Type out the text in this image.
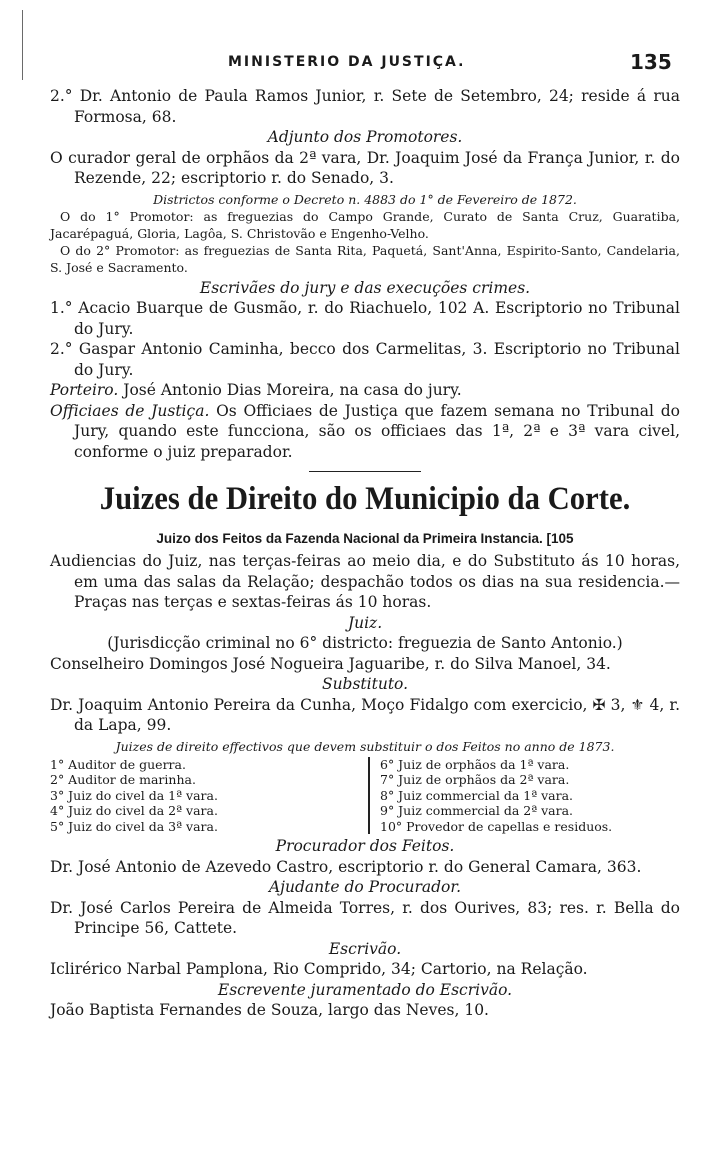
MINISTERIO DA JUSTIÇA.	135

2.° Dr. Antonio de Paula Ramos Junior, r. Sete de Setembro, 24; reside á rua Formosa, 68.

Adjunto dos Promotores.

O curador geral de orphãos da 2ª vara, Dr. Joaquim José da França Junior, r. do Rezende, 22; escriptorio r. do Senado, 3.

Districtos conforme o Decreto n. 4883 do 1° de Fevereiro de 1872.

O do 1° Promotor: as freguezias do Campo Grande, Curato de Santa Cruz, Guaratiba, Jacarépaguá, Gloria, Lagôa, S. Christovão e Engenho-Velho.

O do 2° Promotor: as freguezias de Santa Rita, Paquetá, Sant'Anna, Espirito-Santo, Candelaria, S. José e Sacramento.

Escrivães do jury e das execuções crimes.

1.° Acacio Buarque de Gusmão, r. do Riachuelo, 102 A. Escriptorio no Tribunal do Jury.

2.° Gaspar Antonio Caminha, becco dos Carmelitas, 3. Escriptorio no Tribunal do Jury.

Porteiro. José Antonio Dias Moreira, na casa do jury.

Officiaes de Justiça. Os Officiaes de Justiça que fazem semana no Tribunal do Jury, quando este funcciona, são os officiaes das 1ª, 2ª e 3ª vara civel, conforme o juiz preparador.

Juizes de Direito do Municipio da Corte.

Juizo dos Feitos da Fazenda Nacional da Primeira Instancia. [105

Audiencias do Juiz, nas terças-feiras ao meio dia, e do Substituto ás 10 horas, em uma das salas da Relação; despachão todos os dias na sua residencia.— Praças nas terças e sextas-feiras ás 10 horas.

Juiz.

(Jurisdicção criminal no 6° districto: freguezia de Santo Antonio.)

Conselheiro Domingos José Nogueira Jaguaribe, r. do Silva Manoel, 34.

Substituto.

Dr. Joaquim Antonio Pereira da Cunha, Moço Fidalgo com exercicio, ✠ 3, ⚜ 4, r. da Lapa, 99.

Juizes de direito effectivos que devem substituir o dos Feitos no anno de 1873.

1° Auditor de guerra.
2° Auditor de marinha.
3° Juiz do civel da 1ª vara.
4° Juiz do civel da 2ª vara.
5° Juiz do civel da 3ª vara.
6° Juiz de orphãos da 1ª vara.
7° Juiz de orphãos da 2ª vara.
8° Juiz commercial da 1ª vara.
9° Juiz commercial da 2ª vara.
10° Provedor de capellas e residuos.

Procurador dos Feitos.

Dr. José Antonio de Azevedo Castro, escriptorio r. do General Camara, 363.

Ajudante do Procurador.

Dr. José Carlos Pereira de Almeida Torres, r. dos Ourives, 83; res. r. Bella do Principe 56, Cattete.

Escrivão.

Iclirérico Narbal Pamplona, Rio Comprido, 34; Cartorio, na Relação.

Escrevente juramentado do Escrivão.

João Baptista Fernandes de Souza, largo das Neves, 10.
